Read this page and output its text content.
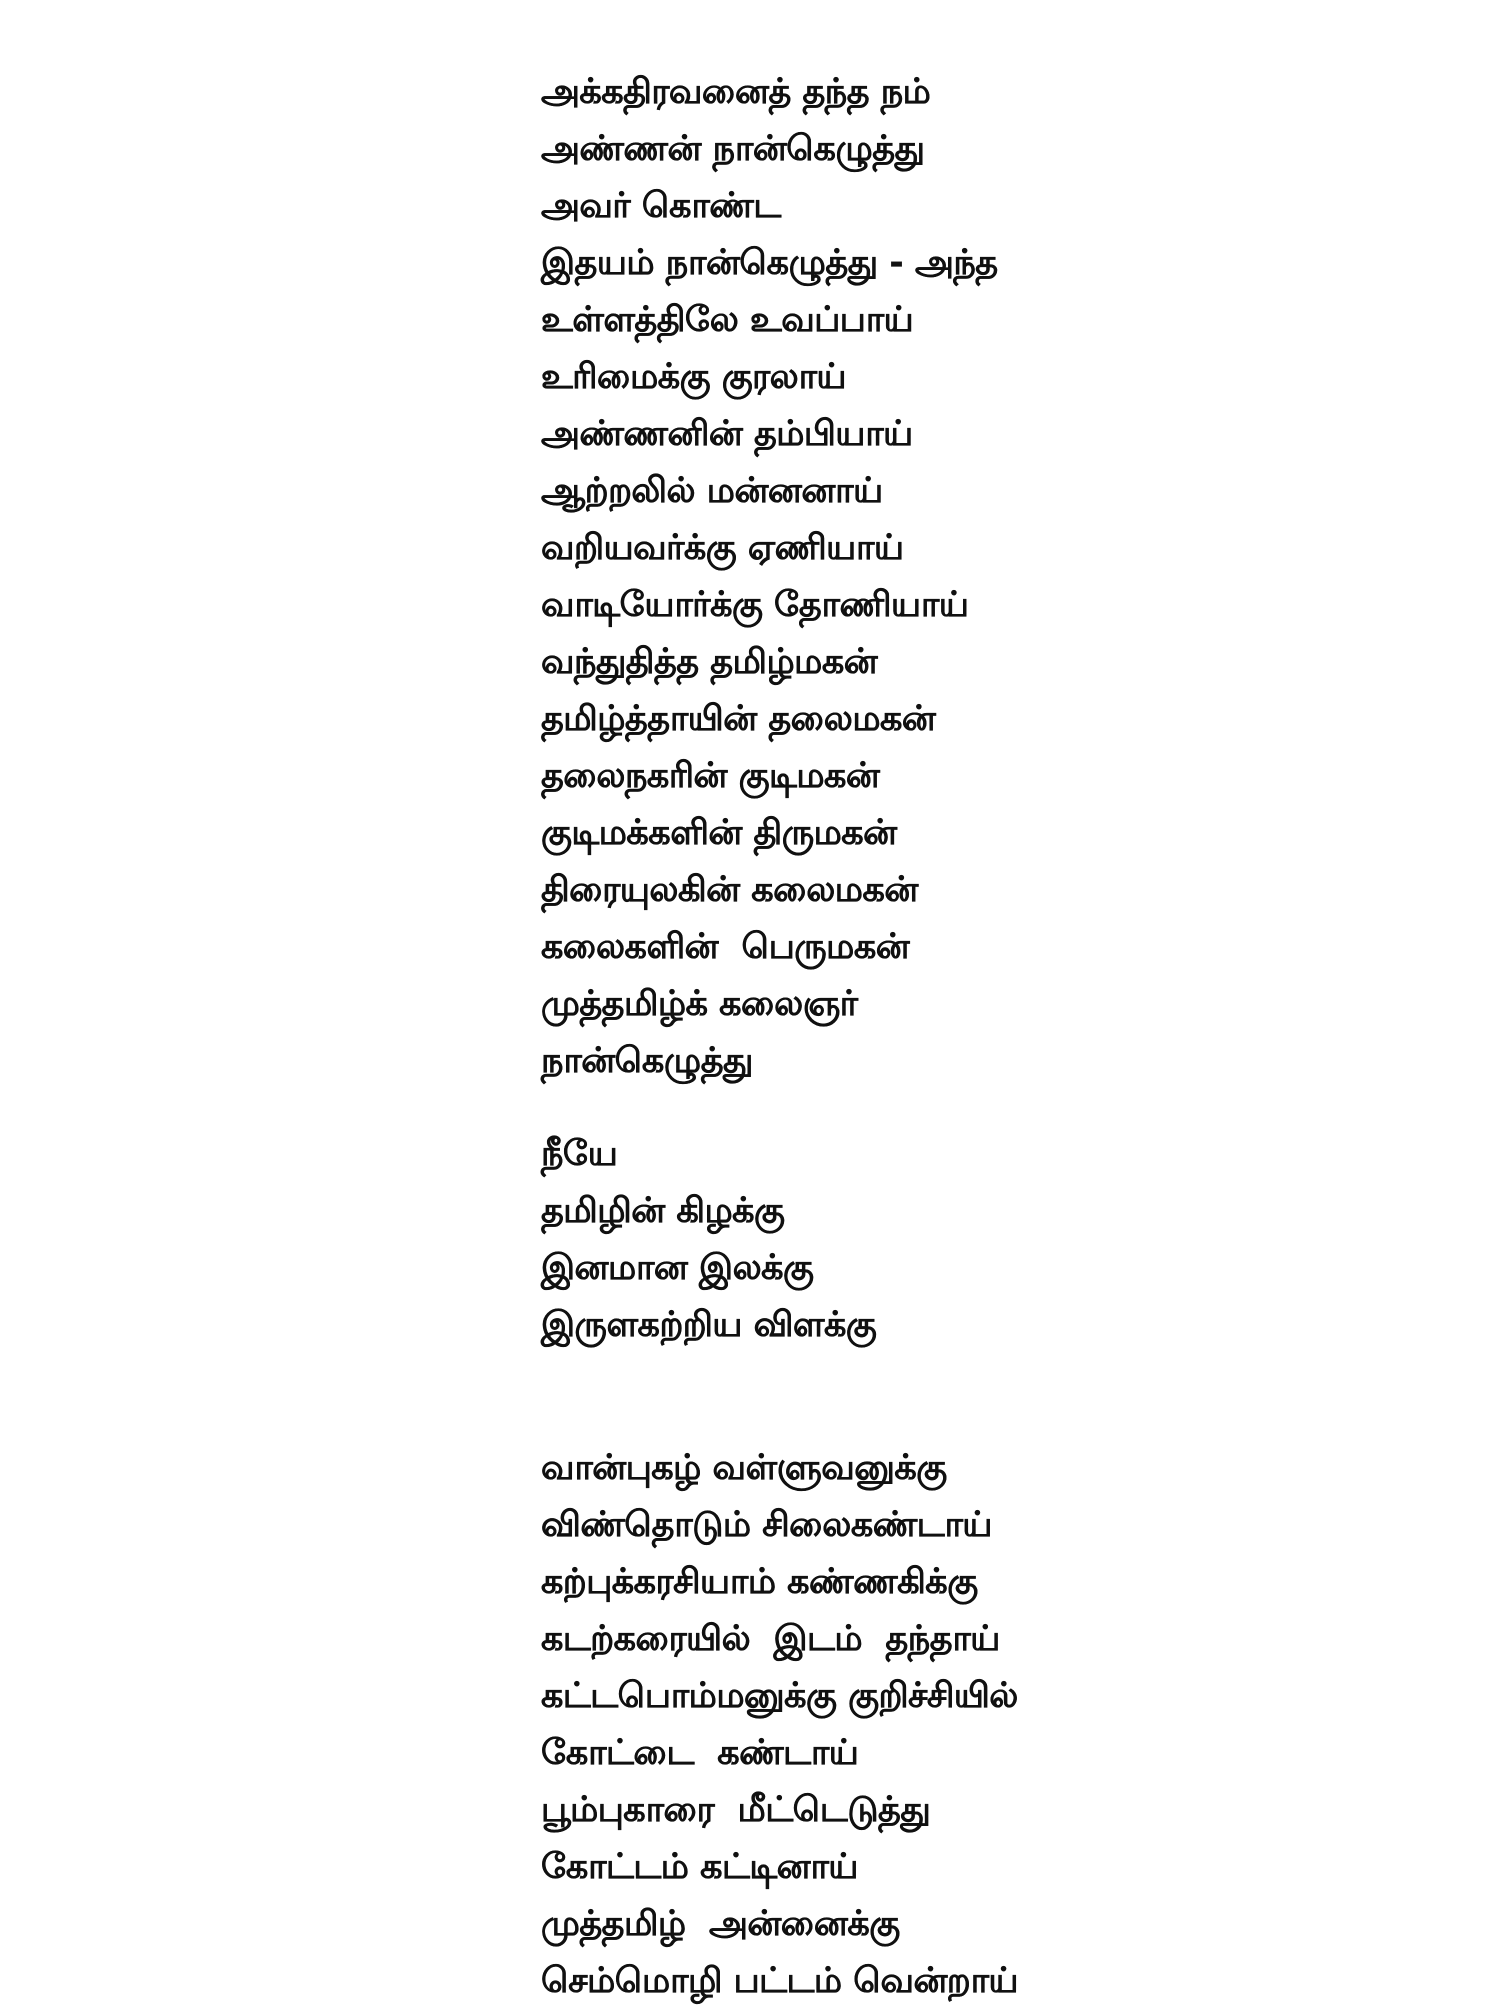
அக்கதிரவனைத் தந்த நம்
அண்ணன் நான்கெழுத்து
அவர் கொண்ட
இதயம் நான்கெழுத்து - அந்த
உள்ளத்திலே உவப்பாய்
உரிமைக்கு குரலாய்
அண்ணனின் தம்பியாய்
ஆற்றலில் மன்னனாய்
வறியவர்க்கு ஏணியாய்
வாடியோர்க்கு தோணியாய்
வந்துதித்த தமிழ்மகன்
தமிழ்த்தாயின் தலைமகன்
தலைநகரின் குடிமகன்
குடிமக்களின் திருமகன்
திரையுலகின் கலைமகன்
கலைகளின்  பெருமகன்
முத்தமிழ்க் கலைஞர்
நான்கெழுத்து
நீயே
தமிழின் கிழக்கு
இனமான இலக்கு
இருளகற்றிய விளக்கு
வான்புகழ் வள்ளுவனுக்கு
விண்தொடும் சிலைகண்டாய்
கற்புக்கரசியாம் கண்ணகிக்கு
கடற்கரையில்  இடம்  தந்தாய்
கட்டபொம்மனுக்கு குறிச்சியில்
கோட்டை  கண்டாய்
பூம்புகாரை  மீட்டெடுத்து
கோட்டம் கட்டினாய்
முத்தமிழ்  அன்னைக்கு
செம்மொழி பட்டம் வென்றாய்
